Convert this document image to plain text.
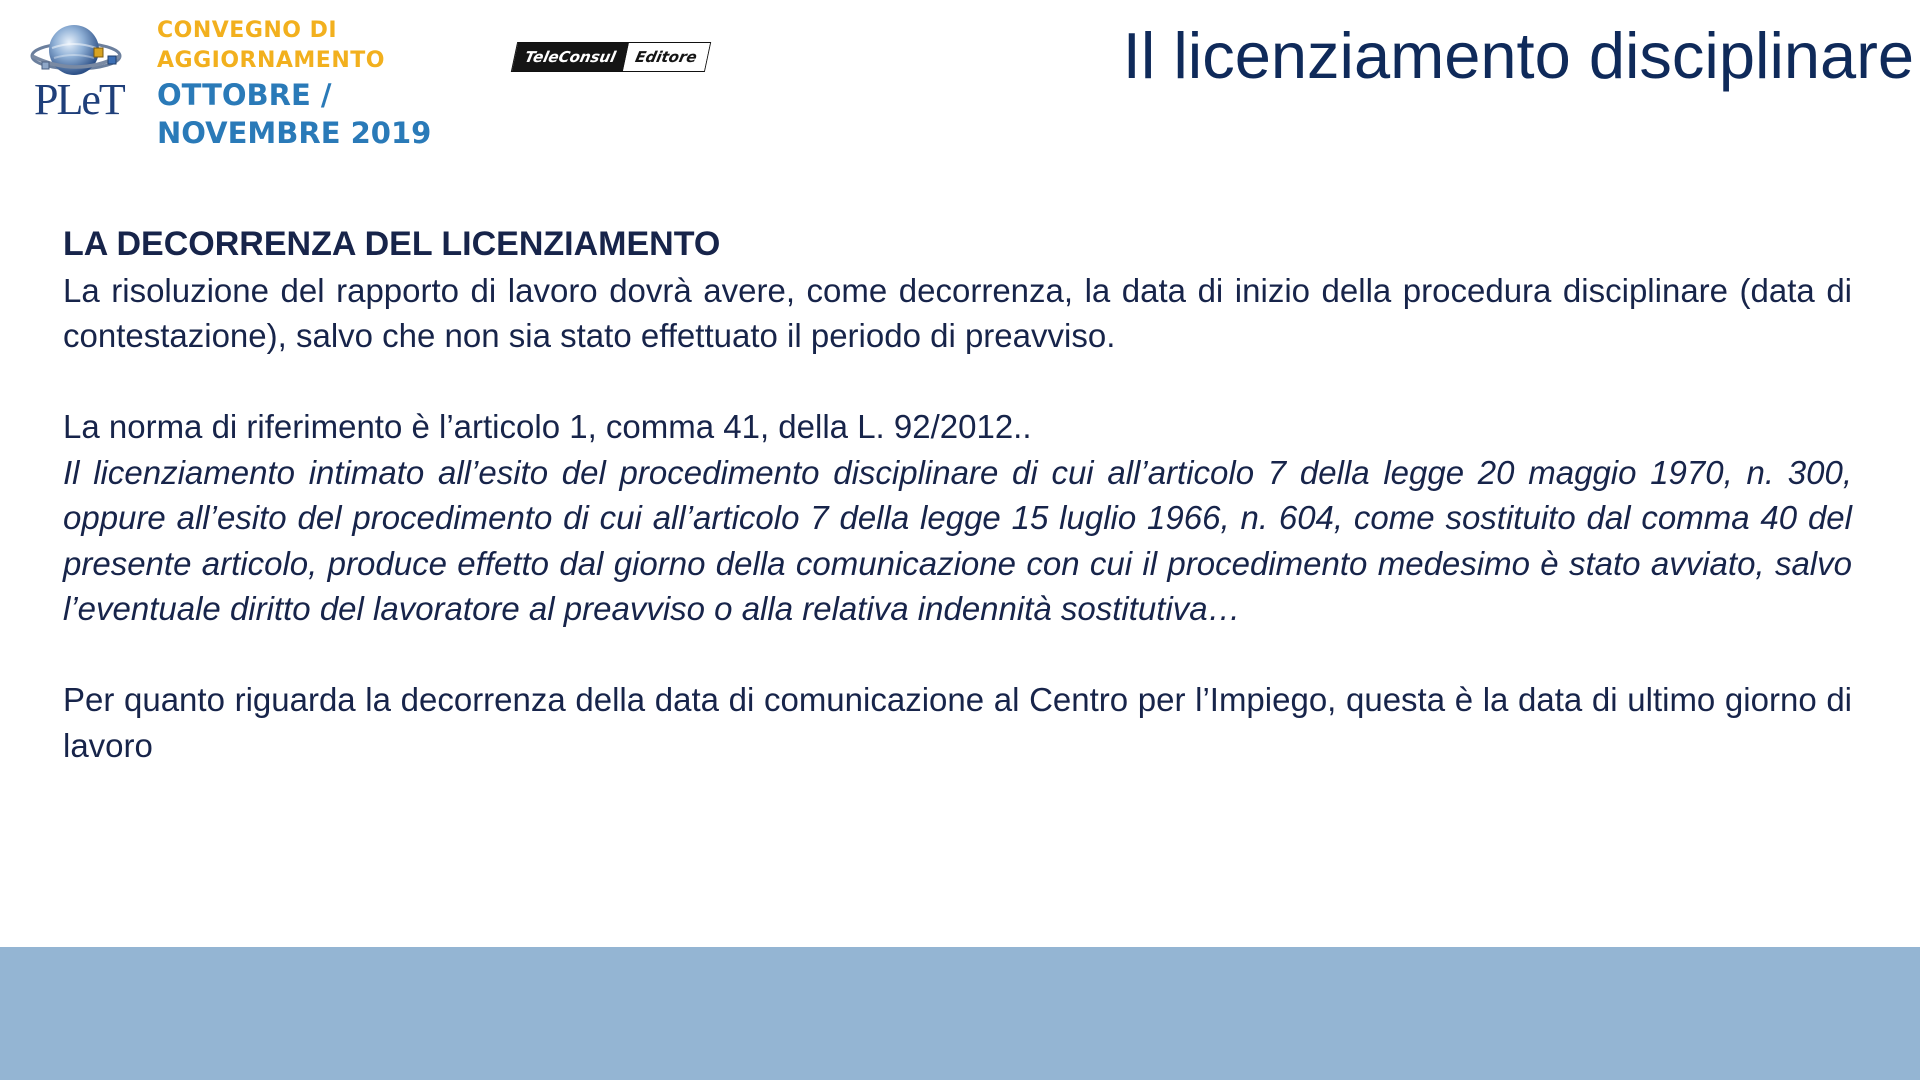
PLeT
CONVEGNO DI
AGGIORNAMENTO
OTTOBRE /
NOVEMBRE 2019
TeleConsul	Editore	Il licenziamento disciplinare

LA DECORRENZA DEL LICENZIAMENTO

La risoluzione del rapporto di lavoro dovrà avere, come decorrenza, la data di inizio della procedura disciplinare (data di contestazione), salvo che non sia stato effettuato il periodo di preavviso.

La norma di riferimento è l’articolo 1, comma 41, della L. 92/2012..

Il licenziamento intimato all’esito del procedimento disciplinare di cui all’articolo 7 della legge 20 maggio 1970, n. 300, oppure all’esito del procedimento di cui all’articolo 7 della legge 15 luglio 1966, n. 604, come sostituito dal comma 40 del presente articolo, produce effetto dal giorno della comunicazione con cui il procedimento medesimo è stato avviato, salvo l’eventuale diritto del lavoratore al preavviso o alla relativa indennità sostitutiva…

Per quanto riguarda la decorrenza della data di comunicazione al Centro per l’Impiego, questa è la data di ultimo giorno di lavoro
